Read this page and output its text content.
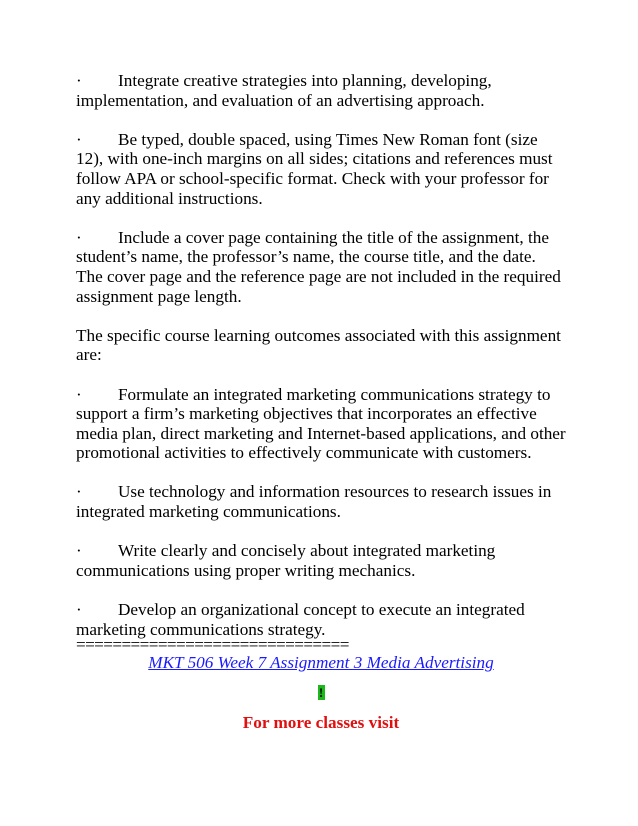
· Integrate creative strategies into planning, developing, implementation, and evaluation of an advertising approach.

· Be typed, double spaced, using Times New Roman font (size 12), with one-inch margins on all sides; citations and references must follow APA or school-specific format. Check with your professor for any additional instructions.

· Include a cover page containing the title of the assignment, the student’s name, the professor’s name, the course title, and the date. The cover page and the reference page are not included in the required assignment page length.

The specific course learning outcomes associated with this assignment are:

· Formulate an integrated marketing communications strategy to support a firm’s marketing objectives that incorporates an effective media plan, direct marketing and Internet-based applications, and other promotional activities to effectively communicate with customers.

· Use technology and information resources to research issues in integrated marketing communications.

· Write clearly and concisely about integrated marketing communications using proper writing mechanics.

· Develop an organizational concept to execute an integrated marketing communications strategy.

==============================

MKT 506 Week 7 Assignment 3 Media Advertising

!

For more classes visit
